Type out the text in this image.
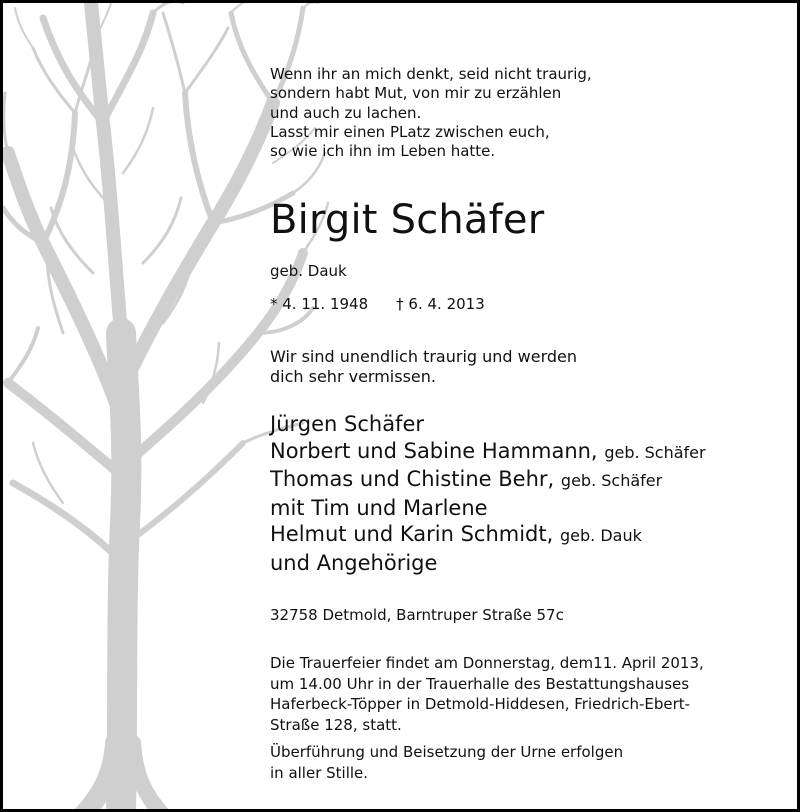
Wenn ihr an mich denkt, seid nicht traurig,
sondern habt Mut, von mir zu erzählen
und auch zu lachen.
Lasst mir einen PLatz zwischen euch,
so wie ich ihn im Leben hatte.
Birgit Schäfer
geb. Dauk
* 4. 11. 1948 † 6. 4. 2013
Wir sind unendlich traurig und werden
dich sehr vermissen.
Jürgen Schäfer
Norbert und Sabine Hammann, geb. Schäfer
Thomas und Chistine Behr, geb. Schäfer
mit Tim und Marlene
Helmut und Karin Schmidt, geb. Dauk
und Angehörige
32758 Detmold, Barntruper Straße 57c
Die Trauerfeier findet am Donnerstag, dem11. April 2013,
um 14.00 Uhr in der Trauerhalle des Bestattungshauses
Haferbeck-Töpper in Detmold-Hiddesen, Friedrich-Ebert-
Straße 128, statt.
Überführung und Beisetzung der Urne erfolgen
in aller Stille.
